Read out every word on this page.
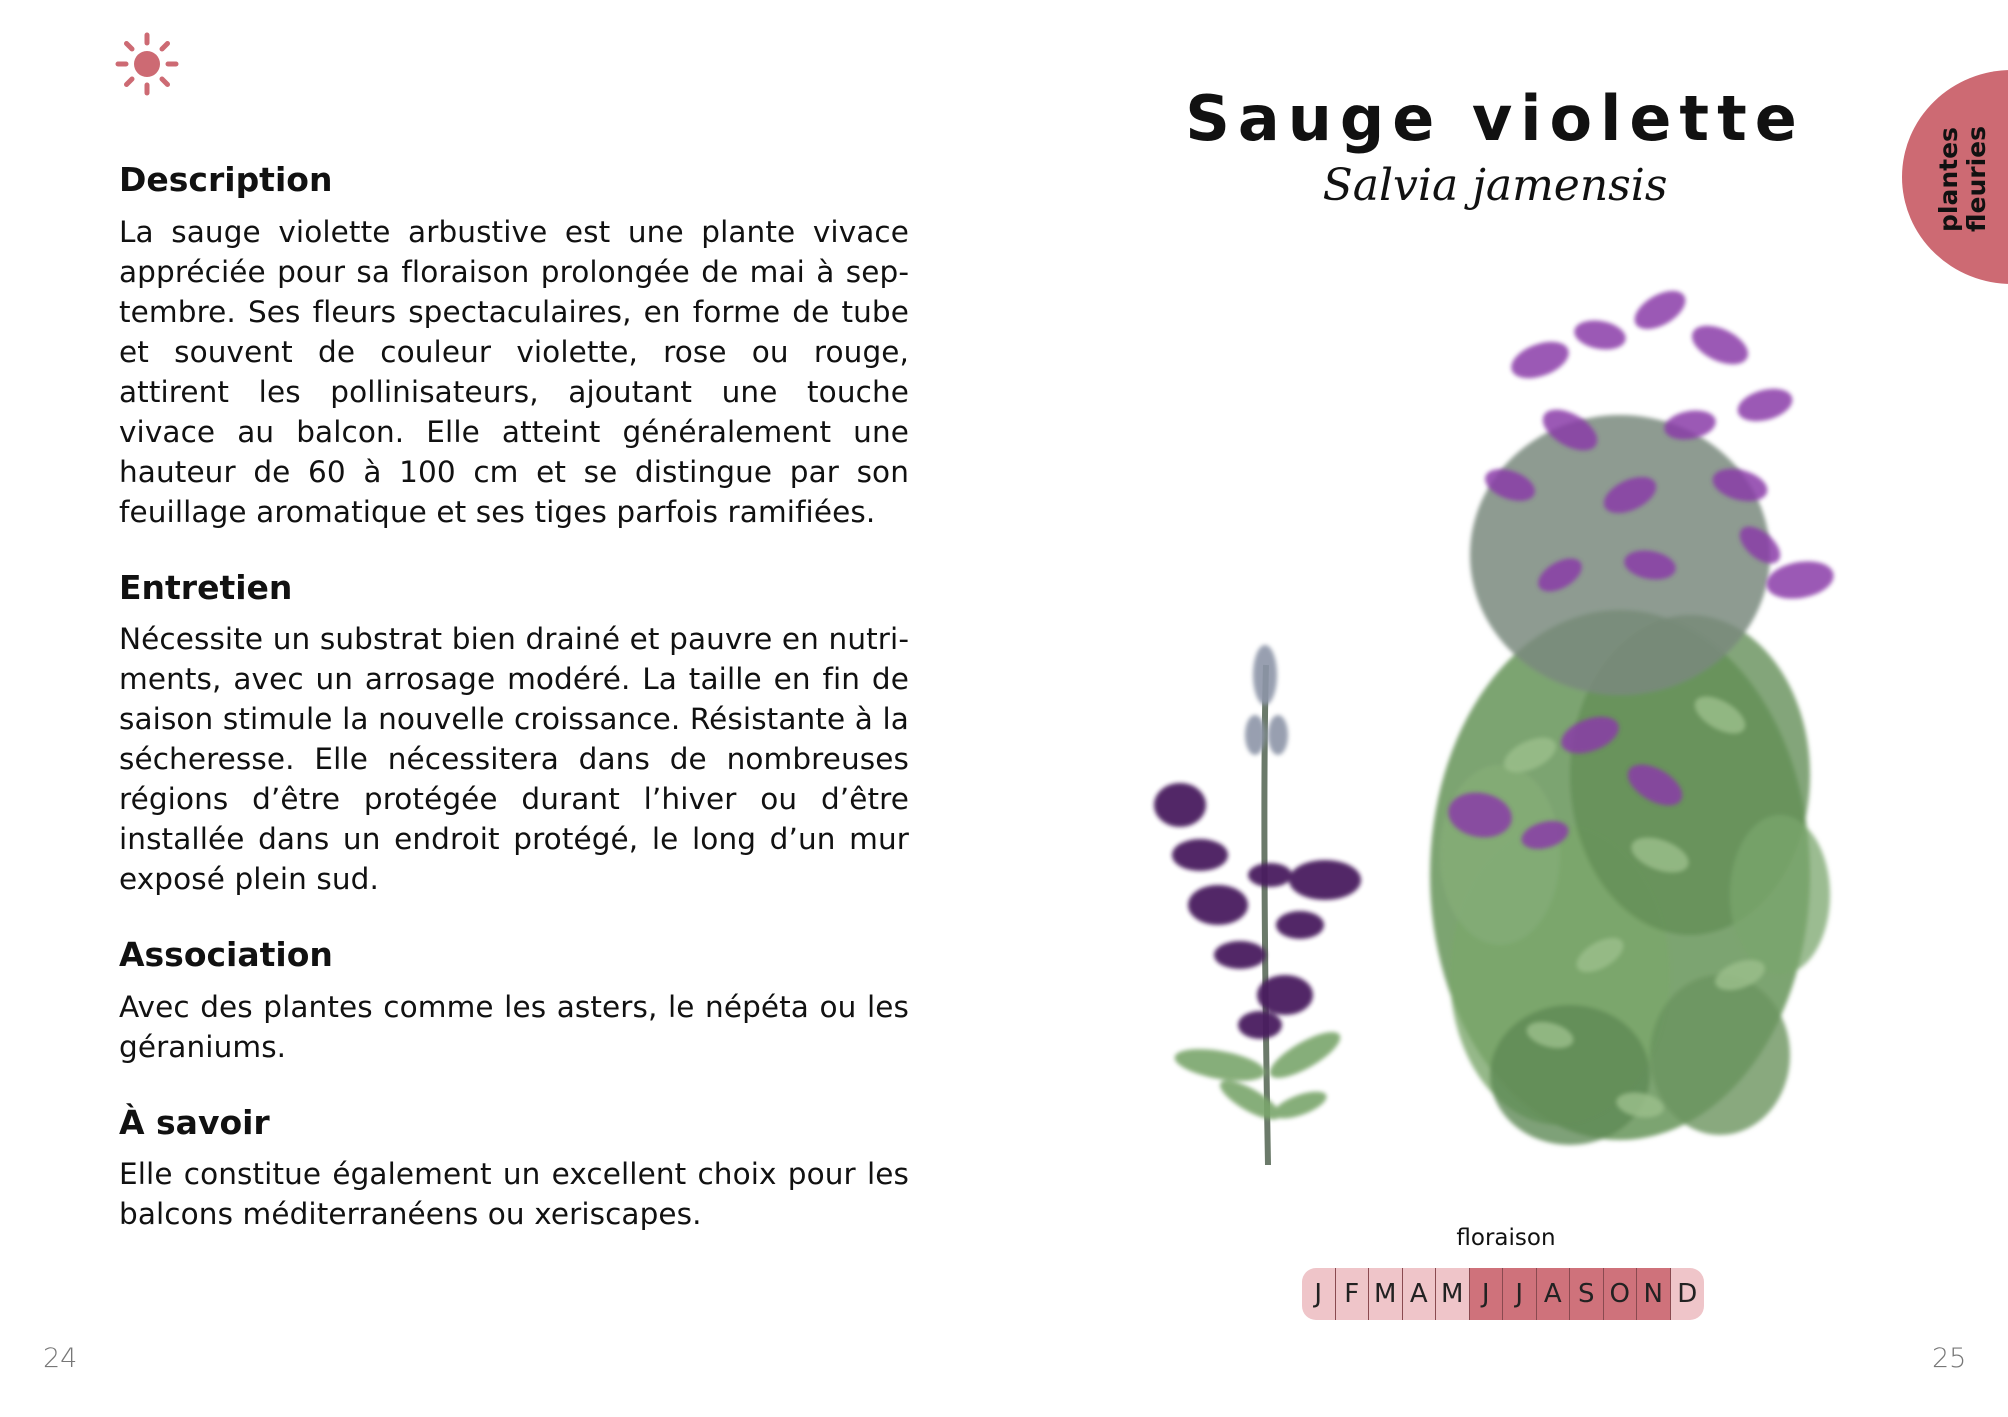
Description

La sauge violette arbustive est une plante vivace appréciée pour sa floraison prolongée de mai à septembre. Ses fleurs spectaculaires, en forme de tube et souvent de couleur violette, rose ou rouge, attirent les pollinisateurs, ajoutant une touche vivace au balcon. Elle atteint généralement une hauteur de 60 à 100 cm et se distingue par son feuillage aromatique et ses tiges parfois ramifiées.

Entretien

Nécessite un substrat bien drainé et pauvre en nutriments, avec un arrosage modéré. La taille en fin de saison stimule la nouvelle croissance. Résistante à la sécheresse. Elle nécessitera dans de nombreuses régions d’être protégée durant l’hiver ou d’être installée dans un endroit protégé, le long d’un mur exposé plein sud.

Association

Avec des plantes comme les asters, le népéta ou les géraniums.

À savoir

Elle constitue également un excellent choix pour les balcons méditerranéens ou xeriscapes.

24
Sauge violette
Salvia jamensis	plantes fleuries
floraison
J F M A M J J A S O N D
25
